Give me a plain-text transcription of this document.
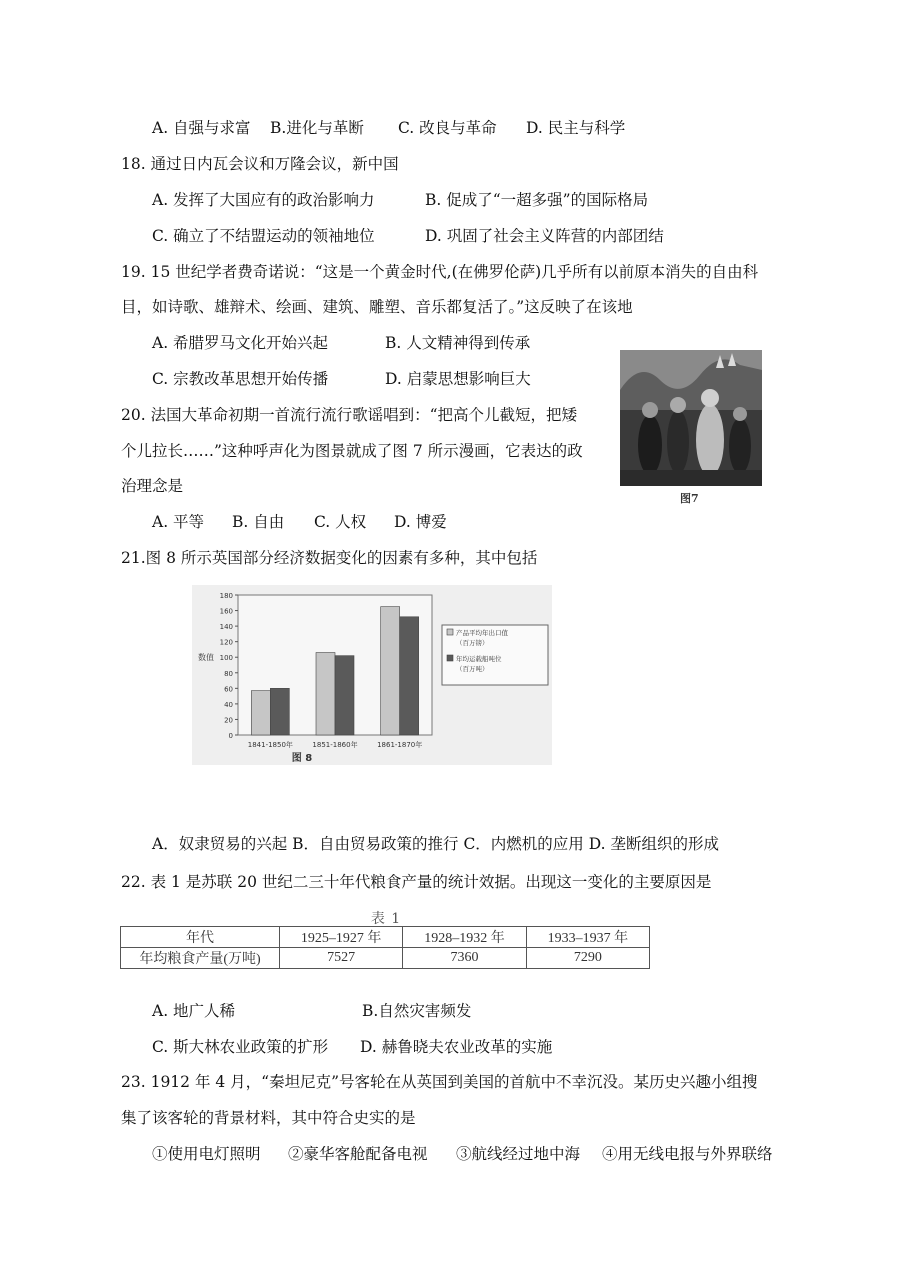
A. 自强与求富 B.进化与革断 C. 改良与革命 D. 民主与科学
18. 通过日内瓦会议和万隆会议，新中国
A. 发挥了大国应有的政治影响力	B. 促成了“一超多强”的国际格局
C. 确立了不结盟运动的领袖地位	D. 巩固了社会主义阵营的内部团结
19. 15 世纪学者费奇诺说：“这是一个黄金时代,(在佛罗伦萨)几乎所有以前原本消失的自由科
目，如诗歌、雄辩术、绘画、建筑、雕塑、音乐都复活了。”这反映了在该地
A. 希腊罗马文化开始兴起	B. 人文精神得到传承
C. 宗教改革思想开始传播	D. 启蒙思想影响巨大
图7
20. 法国大革命初期一首流行流行歌谣唱到：“把高个儿截短，把矮
个儿拉长……”这种呼声化为图景就成了图 7 所示漫画，它表达的政
治理念是
A. 平等 B. 自由 C. 人权 D. 博爱
21.图 8 所示英国部分经济数据变化的因素有多种，其中包括
0
20
40
60
80
100
120
140
160
180
数值
1841-1850年	1851-1860年	1861-1870年
图 8
产品平均年出口值
（百万镑）
年均运载船吨位
（百万吨）
A．奴隶贸易的兴起 B．自由贸易政策的推行 C．内燃机的应用 D. 垄断组织的形成
22. 表 1 是苏联 20 世纪二三十年代粮食产量的统计效据。出现这一变化的主要原因是
表 1
年代	1925–1927 年	1928–1932 年	1933–1937 年
年均粮食产量(万吨)	7527	7360	7290
A. 地广人稀	B.自然灾害频发
C. 斯大林农业政策的扩形 D. 赫鲁晓夫农业改革的实施
23. 1912 年 4 月，“秦坦尼克”号客轮在从英国到美国的首航中不幸沉没。某历史兴趣小组搜
集了该客轮的背景材料，其中符合史实的是
①使用电灯照明 ②豪华客舱配备电视 ③航线经过地中海 ④用无线电报与外界联络
